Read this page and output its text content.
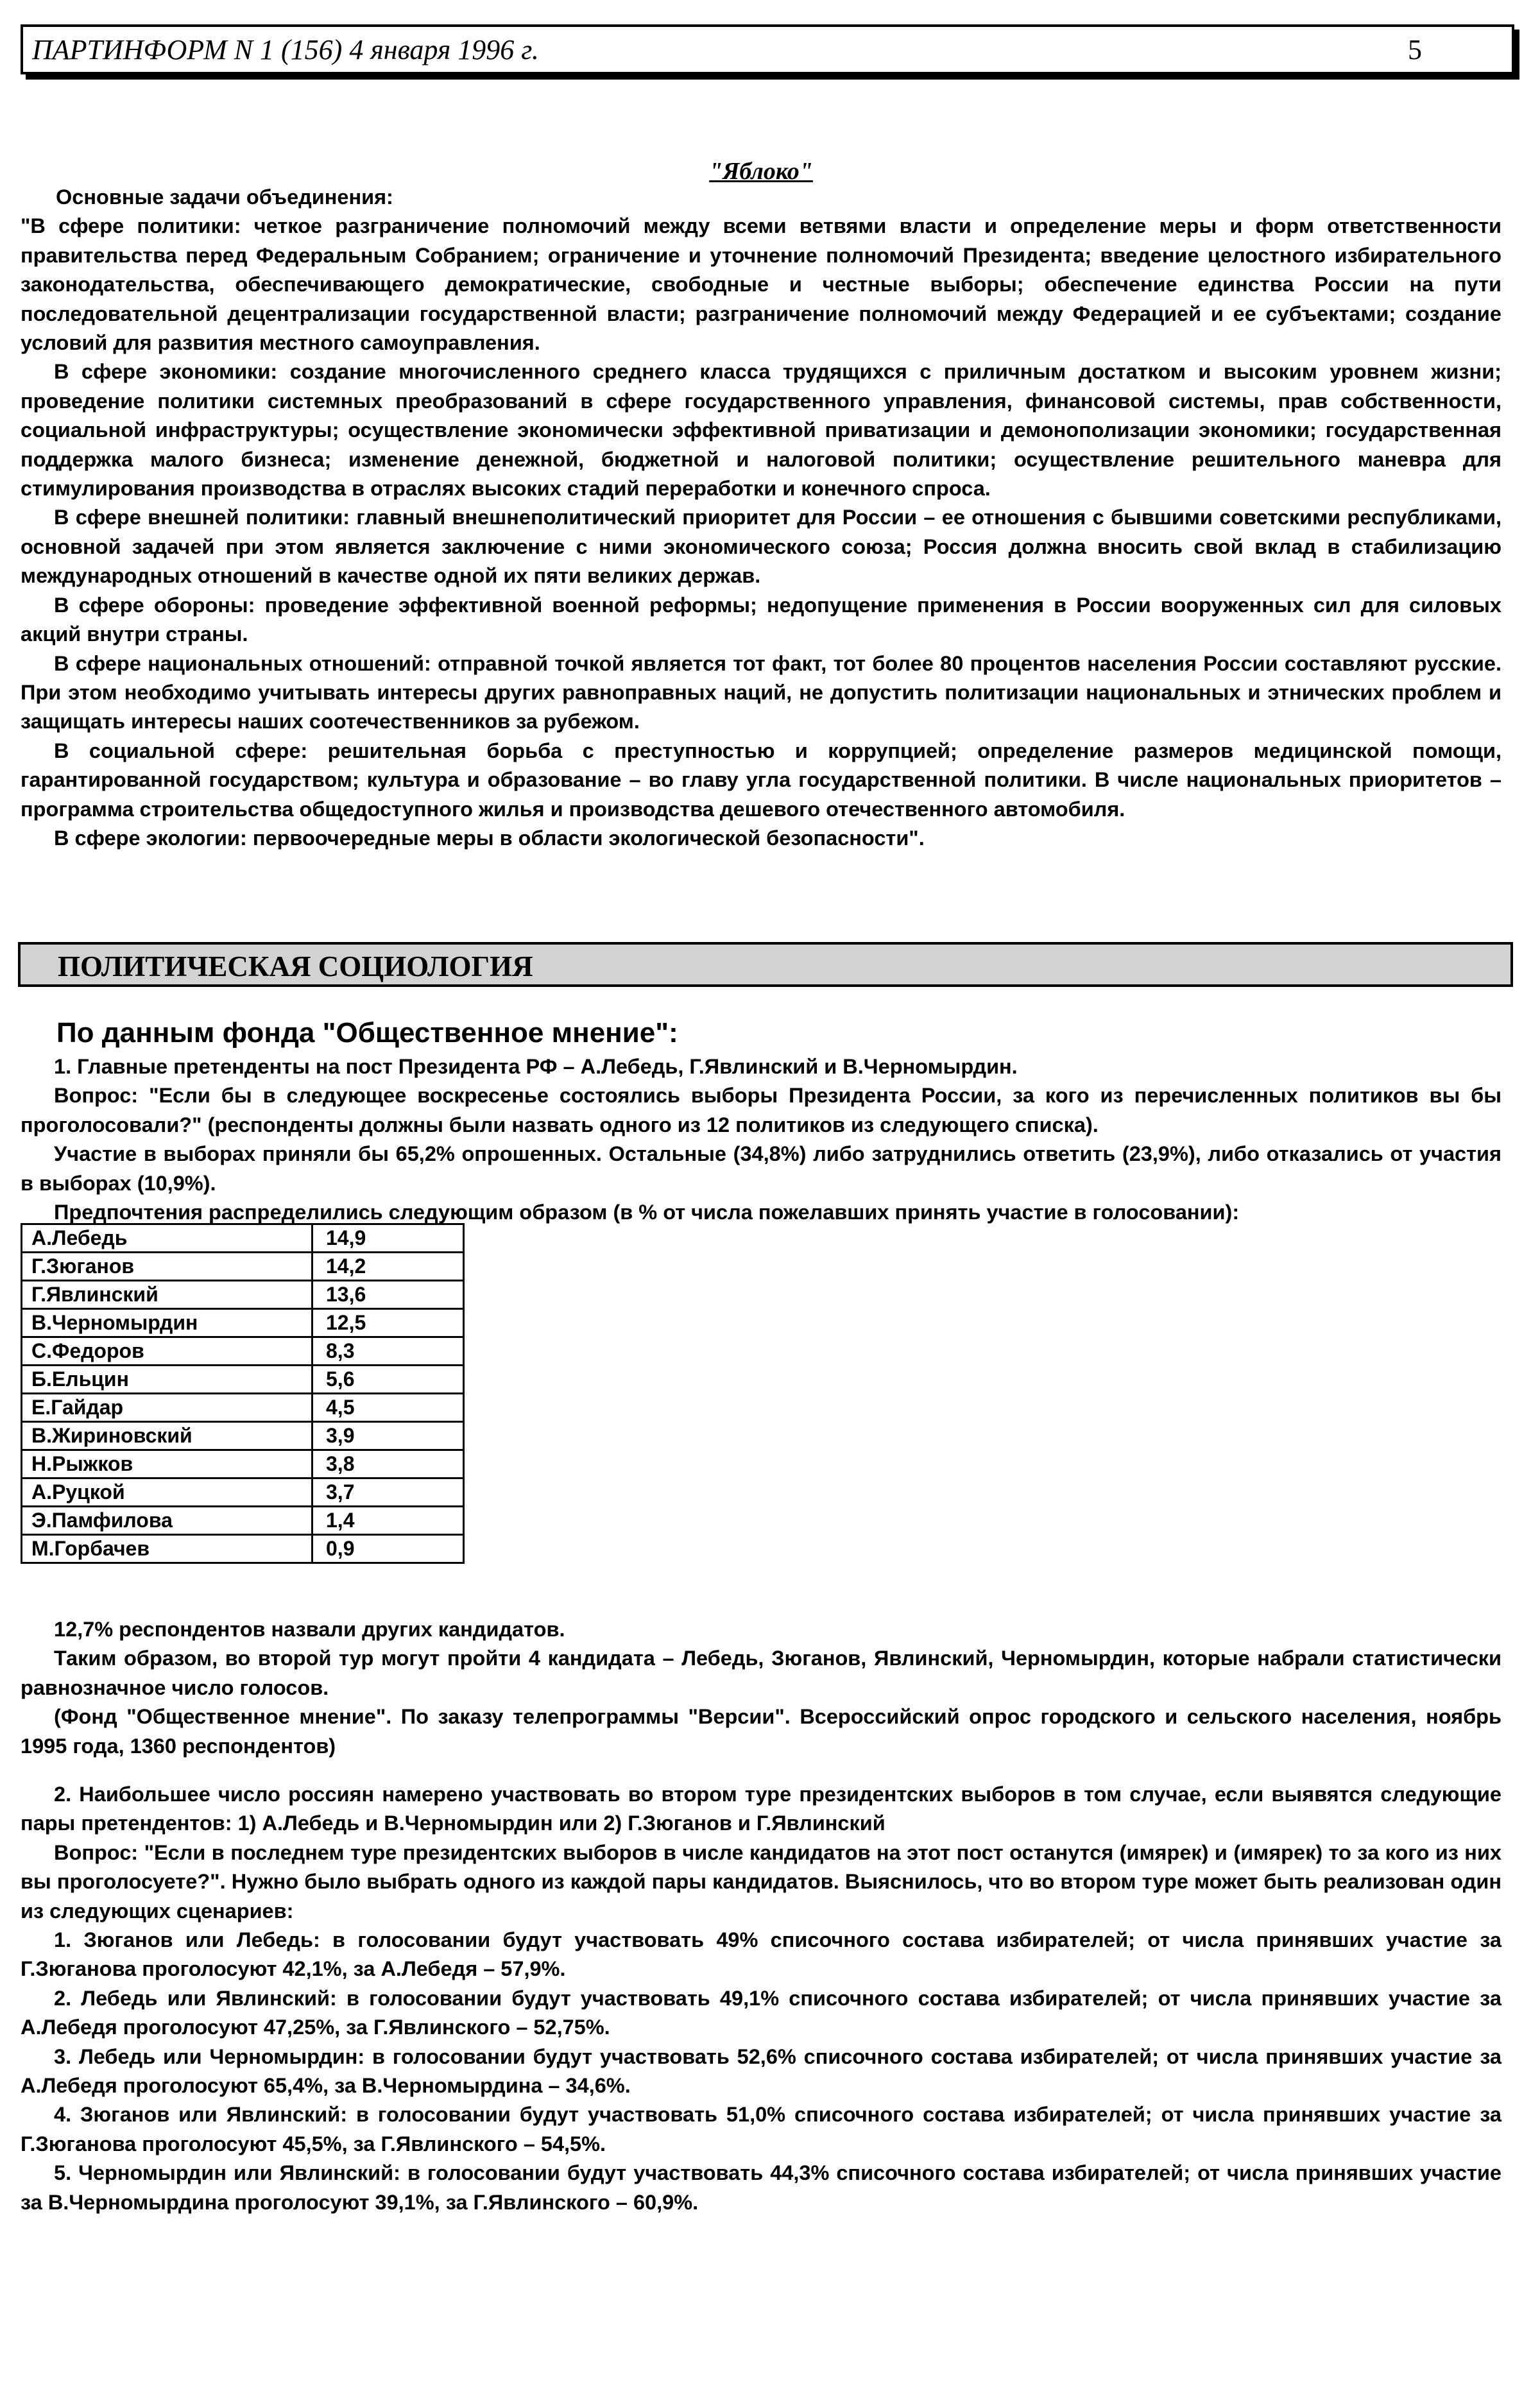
ПАРТИНФОРМ N 1 (156) 4 января 1996 г.	5
"Яблоко"

Основные задачи объединения:

"В сфере политики: четкое разграничение полномочий между всеми ветвями власти и определение меры и форм ответственности правительства перед Федеральным Собранием; ограничение и уточнение полномочий Президента; введение целостного избирательного законодательства, обеспечивающего демократические, свободные и честные выборы; обеспечение единства России на пути последовательной децентрализации государственной власти; разграничение полномочий между Федерацией и ее субъектами; создание условий для развития местного самоуправления.

В сфере экономики: создание многочисленного среднего класса трудящихся с приличным достатком и высоким уровнем жизни; проведение политики системных преобразований в сфере государственного управления, финансовой системы, прав собственности, социальной инфраструктуры; осуществление экономически эффективной приватизации и демонополизации экономики; государственная поддержка малого бизнеса; изменение денежной, бюджетной и налоговой политики; осуществление решительного маневра для стимулирования производства в отраслях высоких стадий переработки и конечного спроса.

В сфере внешней политики: главный внешнеполитический приоритет для России – ее отношения с бывшими советскими республиками, основной задачей при этом является заключение с ними экономического союза; Россия должна вносить свой вклад в стабилизацию международных отношений в качестве одной их пяти великих держав.

В сфере обороны: проведение эффективной военной реформы; недопущение применения в России вооруженных сил для силовых акций внутри страны.

В сфере национальных отношений: отправной точкой является тот факт, тот более 80 процентов населения России составляют русские. При этом необходимо учитывать интересы других равноправных наций, не допустить политизации национальных и этнических проблем и защищать интересы наших соотечественников за рубежом.

В социальной сфере: решительная борьба с преступностью и коррупцией; определение размеров медицинской помощи, гарантированной государством; культура и образование – во главу угла государственной политики. В числе национальных приоритетов – программа строительства общедоступного жилья и производства дешевого отечественного автомобиля.

В сфере экологии: первоочередные меры в области экологической безопасности".

ПОЛИТИЧЕСКАЯ СОЦИОЛОГИЯ
По данным фонда "Общественное мнение":

1. Главные претенденты на пост Президента РФ – А.Лебедь, Г.Явлинский и В.Черномырдин.

Вопрос: "Если бы в следующее воскресенье состоялись выборы Президента России, за кого из перечисленных политиков вы бы проголосовали?" (респонденты должны были назвать одного из 12 политиков из следующего списка).

Участие в выборах приняли бы 65,2% опрошенных. Остальные (34,8%) либо затруднились ответить (23,9%), либо отказались от участия в выборах (10,9%).

Предпочтения распределились следующим образом (в % от числа пожелавших принять участие в голосовании):

А.Лебедь	14,9
Г.Зюганов	14,2
Г.Явлинский	13,6
В.Черномырдин	12,5
С.Федоров	8,3
Б.Ельцин	5,6
Е.Гайдар	4,5
В.Жириновский	3,9
Н.Рыжков	3,8
А.Руцкой	3,7
Э.Памфилова	1,4
М.Горбачев	0,9

12,7% респондентов назвали других кандидатов.

Таким образом, во второй тур могут пройти 4 кандидата – Лебедь, Зюганов, Явлинский, Черномырдин, которые набрали статистически равнозначное число голосов.

(Фонд "Общественное мнение". По заказу телепрограммы "Версии". Всероссийский опрос городского и сельского населения, ноябрь 1995 года, 1360 респондентов)

2. Наибольшее число россиян намерено участвовать во втором туре президентских выборов в том случае, если выявятся следующие пары претендентов: 1) А.Лебедь и В.Черномырдин или 2) Г.Зюганов и Г.Явлинский

Вопрос: "Если в последнем туре президентских выборов в числе кандидатов на этот пост останутся (имярек) и (имярек) то за кого из них вы проголосуете?". Нужно было выбрать одного из каждой пары кандидатов. Выяснилось, что во втором туре может быть реализован один из следующих сценариев:

1. Зюганов или Лебедь: в голосовании будут участвовать 49% списочного состава избирателей; от числа принявших участие за Г.Зюганова проголосуют 42,1%, за А.Лебедя – 57,9%.

2. Лебедь или Явлинский: в голосовании будут участвовать 49,1% списочного состава избирателей; от числа принявших участие за А.Лебедя проголосуют 47,25%, за Г.Явлинского – 52,75%.

3. Лебедь или Черномырдин: в голосовании будут участвовать 52,6% списочного состава избирателей; от числа принявших участие за А.Лебедя проголосуют 65,4%, за В.Черномырдина – 34,6%.

4. Зюганов или Явлинский: в голосовании будут участвовать 51,0% списочного состава избирателей; от числа принявших участие за Г.Зюганова проголосуют 45,5%, за Г.Явлинского – 54,5%.

5. Черномырдин или Явлинский: в голосовании будут участвовать 44,3% списочного состава избирателей; от числа принявших участие за В.Черномырдина проголосуют 39,1%, за Г.Явлинского – 60,9%.
